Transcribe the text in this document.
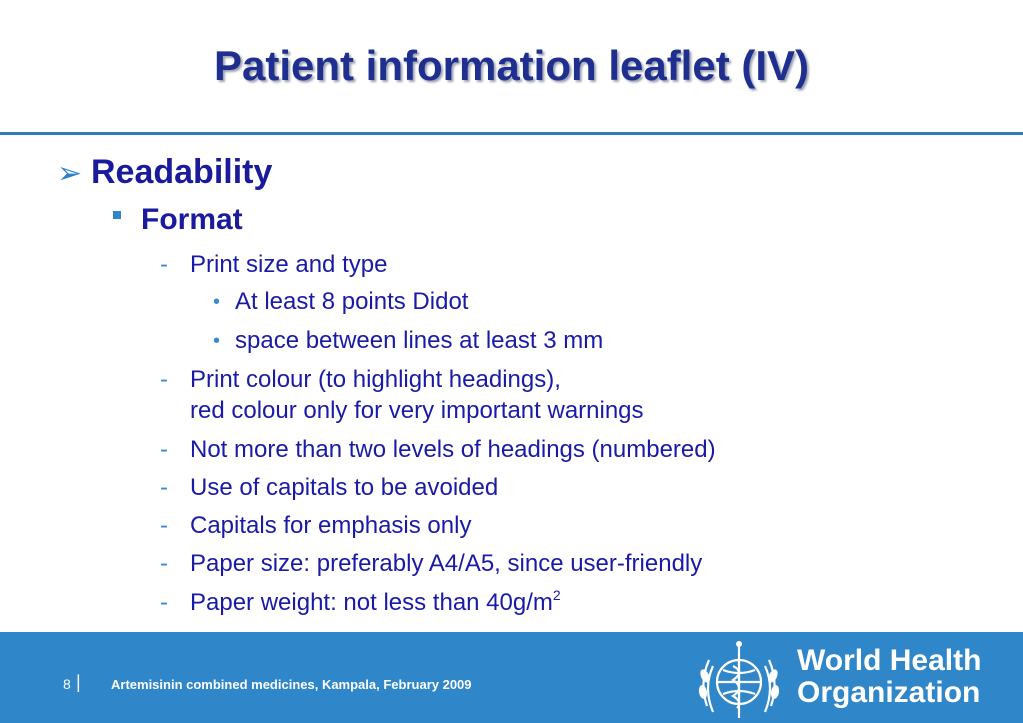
Patient information leaflet (IV)
➢ Readability
Format
- Print size and type
• At least 8 points Didot
• space between lines at least 3 mm
- Print colour (to highlight headings),
red colour only for very important warnings
- Not more than two levels of headings (numbered)
- Use of capitals to be avoided
- Capitals for emphasis only
- Paper size: preferably A4/A5, since user-friendly
- Paper weight: not less than $40g/m^2$
8 | Artemisinin combined medicines, Kampala, February 2009
World Health
Organization
